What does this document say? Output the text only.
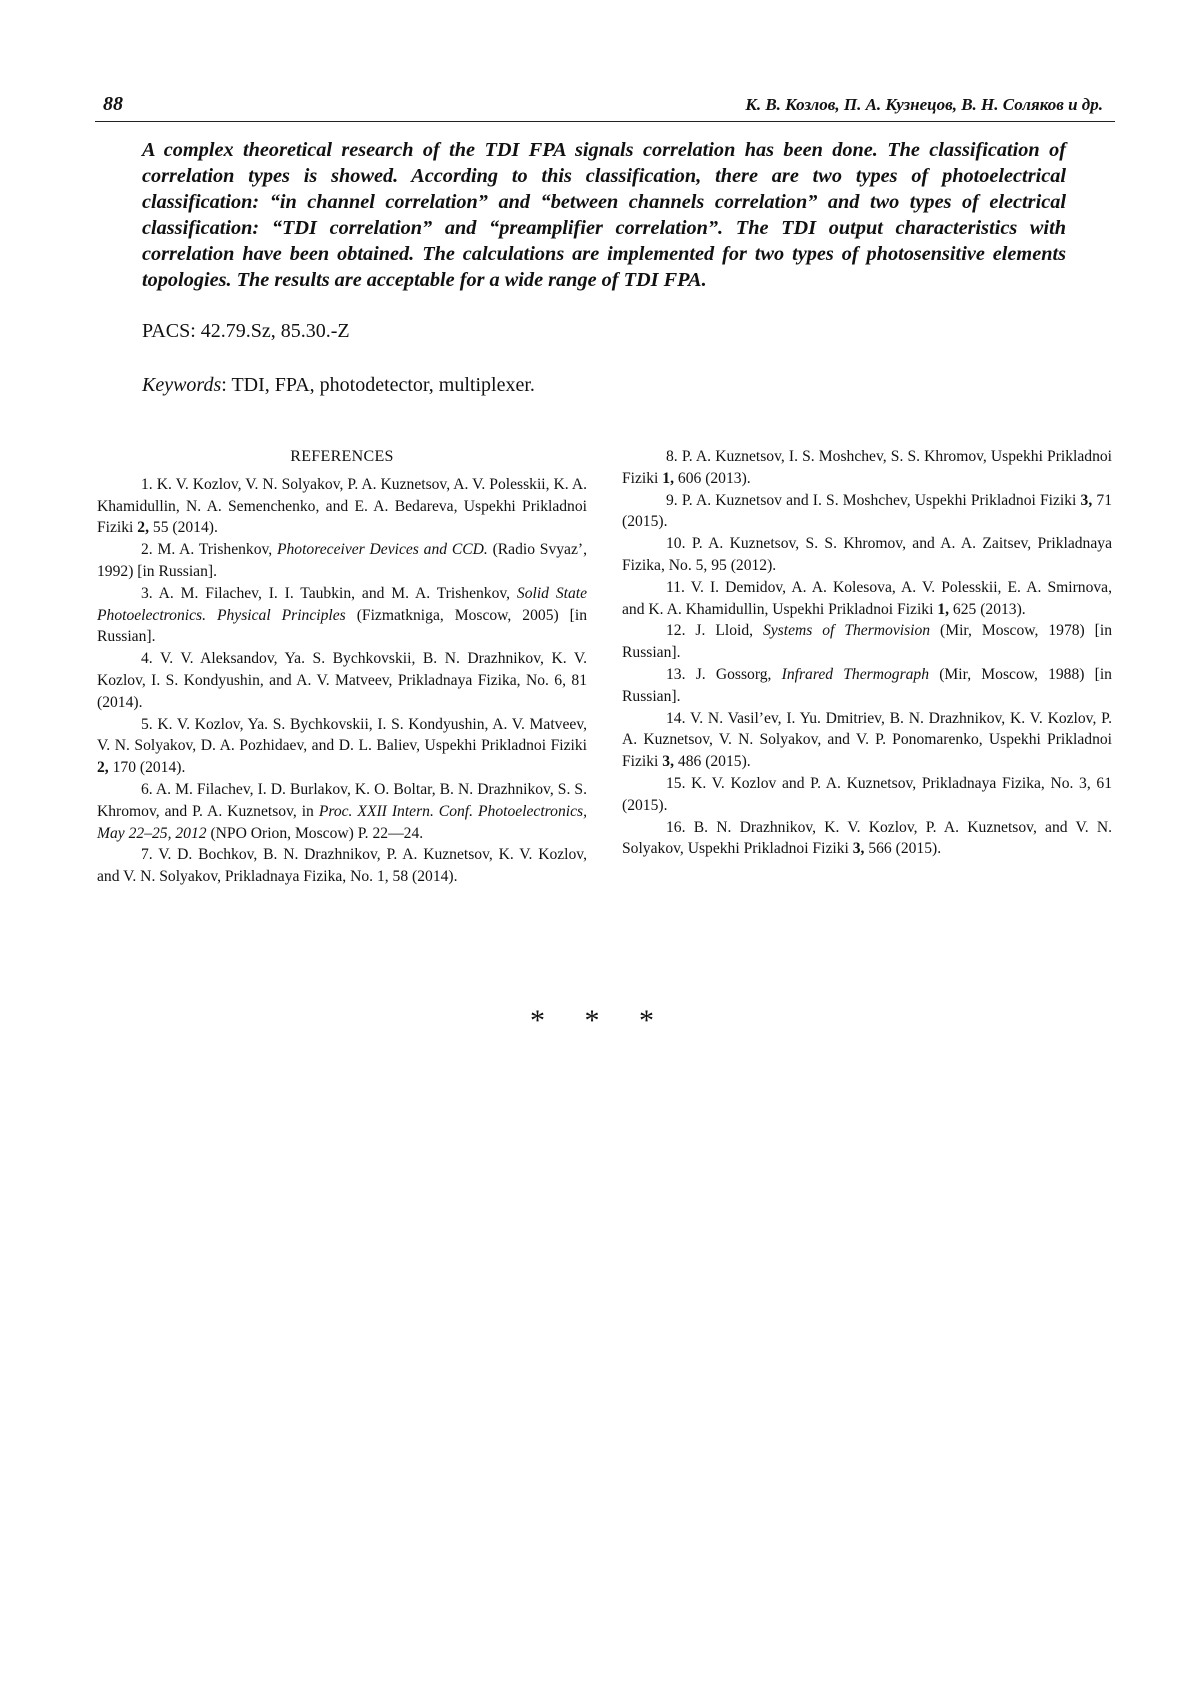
88	К. В. Козлов, П. А. Кузнецов, В. Н. Соляков и др.

A complex theoretical research of the TDI FPA signals correlation has been done. The classification of correlation types is showed. According to this classification, there are two types of photoelectrical classification: “in channel correlation” and “between channels correlation” and two types of electrical classification: “TDI correlation” and “preamplifier correlation”. The TDI output characteristics with correlation have been obtained. The calculations are implemented for two types of photosensitive elements topologies. The results are acceptable for a wide range of TDI FPA.

PACS: 42.79.Sz, 85.30.-Z

Keywords: TDI, FPA, photodetector, multiplexer.

REFERENCES

1. K. V. Kozlov, V. N. Solyakov, P. A. Kuznetsov, A. V. Polesskii, K. A. Khamidullin, N. A. Semenchenko, and E. A. Bedareva, Uspekhi Prikladnoi Fiziki 2, 55 (2014).

2. M. A. Trishenkov, Photoreceiver Devices and CCD. (Radio Svyaz’, 1992) [in Russian].

3. A. M. Filachev, I. I. Taubkin, and M. A. Trishenkov, Solid State Photoelectronics. Physical Principles (Fizmatkniga, Moscow, 2005) [in Russian].

4. V. V. Aleksandov, Ya. S. Bychkovskii, B. N. Drazhnikov, K. V. Kozlov, I. S. Kondyushin, and A. V. Matveev, Prikladnaya Fizika, No. 6, 81 (2014).

5. K. V. Kozlov, Ya. S. Bychkovskii, I. S. Kondyushin, A. V. Matveev, V. N. Solyakov, D. A. Pozhidaev, and D. L. Baliev, Uspekhi Prikladnoi Fiziki 2, 170 (2014).

6. A. M. Filachev, I. D. Burlakov, K. O. Boltar, B. N. Drazhnikov, S. S. Khromov, and P. A. Kuznetsov, in Proc. XXII Intern. Conf. Photoelectronics, May 22–25, 2012 (NPO Orion, Moscow) P. 22—24.

7. V. D. Bochkov, B. N. Drazhnikov, P. A. Kuznetsov, K. V. Kozlov, and V. N. Solyakov, Prikladnaya Fizika, No. 1, 58 (2014).

8. P. A. Kuznetsov, I. S. Moshchev, S. S. Khromov, Uspekhi Prikladnoi Fiziki 1, 606 (2013).

9. P. A. Kuznetsov and I. S. Moshchev, Uspekhi Prikladnoi Fiziki 3, 71 (2015).

10. P. A. Kuznetsov, S. S. Khromov, and A. A. Zaitsev, Prikladnaya Fizika, No. 5, 95 (2012).

11. V. I. Demidov, A. A. Kolesova, A. V. Polesskii, E. A. Smirnova, and K. A. Khamidullin, Uspekhi Prikladnoi Fiziki 1, 625 (2013).

12. J. Lloid, Systems of Thermovision (Mir, Moscow, 1978) [in Russian].

13. J. Gossorg, Infrared Thermograph (Mir, Moscow, 1988) [in Russian].

14. V. N. Vasil’ev, I. Yu. Dmitriev, B. N. Drazhnikov, K. V. Kozlov, P. A. Kuznetsov, V. N. Solyakov, and V. P. Ponomarenko, Uspekhi Prikladnoi Fiziki 3, 486 (2015).

15. K. V. Kozlov and P. A. Kuznetsov, Prikladnaya Fizika, No. 3, 61 (2015).

16. B. N. Drazhnikov, K. V. Kozlov, P. A. Kuznetsov, and V. N. Solyakov, Uspekhi Prikladnoi Fiziki 3, 566 (2015).

* * *
